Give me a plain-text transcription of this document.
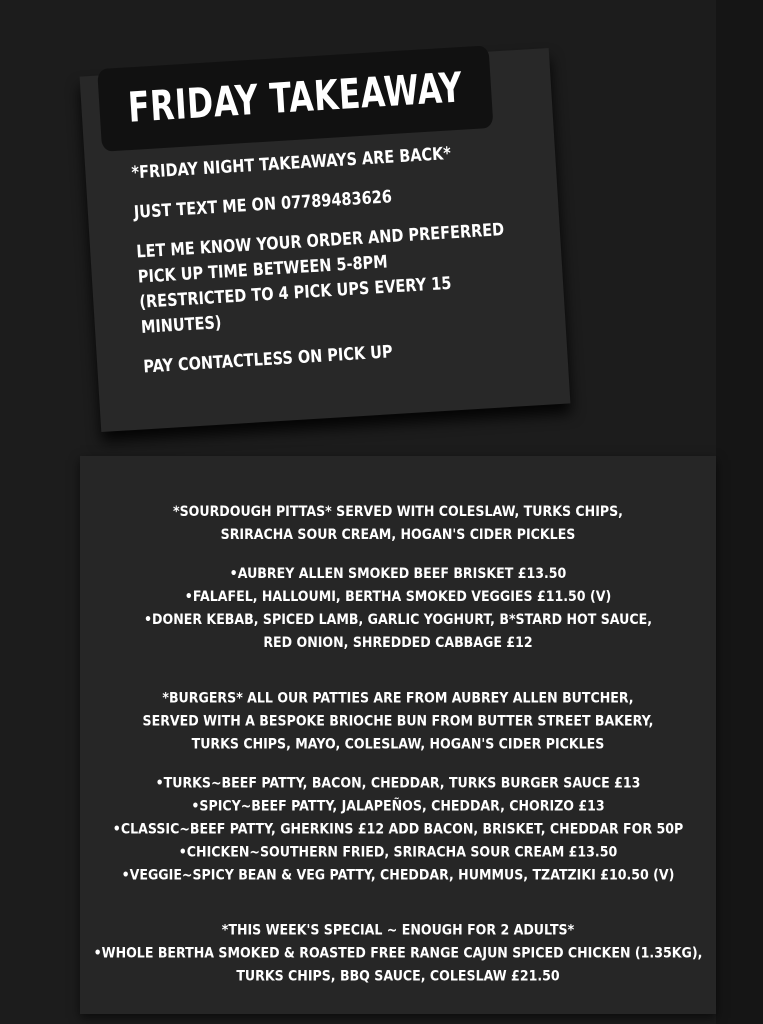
FRIDAY TAKEAWAY

*FRIDAY NIGHT TAKEAWAYS ARE BACK*

JUST TEXT ME ON 07789483626

LET ME KNOW YOUR ORDER AND PREFERRED
PICK UP TIME BETWEEN 5-8PM
(RESTRICTED TO 4 PICK UPS EVERY 15
MINUTES)

PAY CONTACTLESS ON PICK UP

*SOURDOUGH PITTAS* SERVED WITH COLESLAW, TURKS CHIPS,
SRIRACHA SOUR CREAM, HOGAN'S CIDER PICKLES
•AUBREY ALLEN SMOKED BEEF BRISKET £13.50
•FALAFEL, HALLOUMI, BERTHA SMOKED VEGGIES £11.50 (V)
•DONER KEBAB, SPICED LAMB, GARLIC YOGHURT, B*STARD HOT SAUCE,
RED ONION, SHREDDED CABBAGE £12
*BURGERS* ALL OUR PATTIES ARE FROM AUBREY ALLEN BUTCHER,
SERVED WITH A BESPOKE BRIOCHE BUN FROM BUTTER STREET BAKERY,
TURKS CHIPS, MAYO, COLESLAW, HOGAN'S CIDER PICKLES
•TURKS~BEEF PATTY, BACON, CHEDDAR, TURKS BURGER SAUCE £13
•SPICY~BEEF PATTY, JALAPEÑOS, CHEDDAR, CHORIZO £13
•CLASSIC~BEEF PATTY, GHERKINS £12 ADD BACON, BRISKET, CHEDDAR FOR 50P
•CHICKEN~SOUTHERN FRIED, SRIRACHA SOUR CREAM £13.50
•VEGGIE~SPICY BEAN & VEG PATTY, CHEDDAR, HUMMUS, TZATZIKI £10.50 (V)
*THIS WEEK'S SPECIAL ~ ENOUGH FOR 2 ADULTS*
•WHOLE BERTHA SMOKED & ROASTED FREE RANGE CAJUN SPICED CHICKEN (1.35KG),
TURKS CHIPS, BBQ SAUCE, COLESLAW £21.50
